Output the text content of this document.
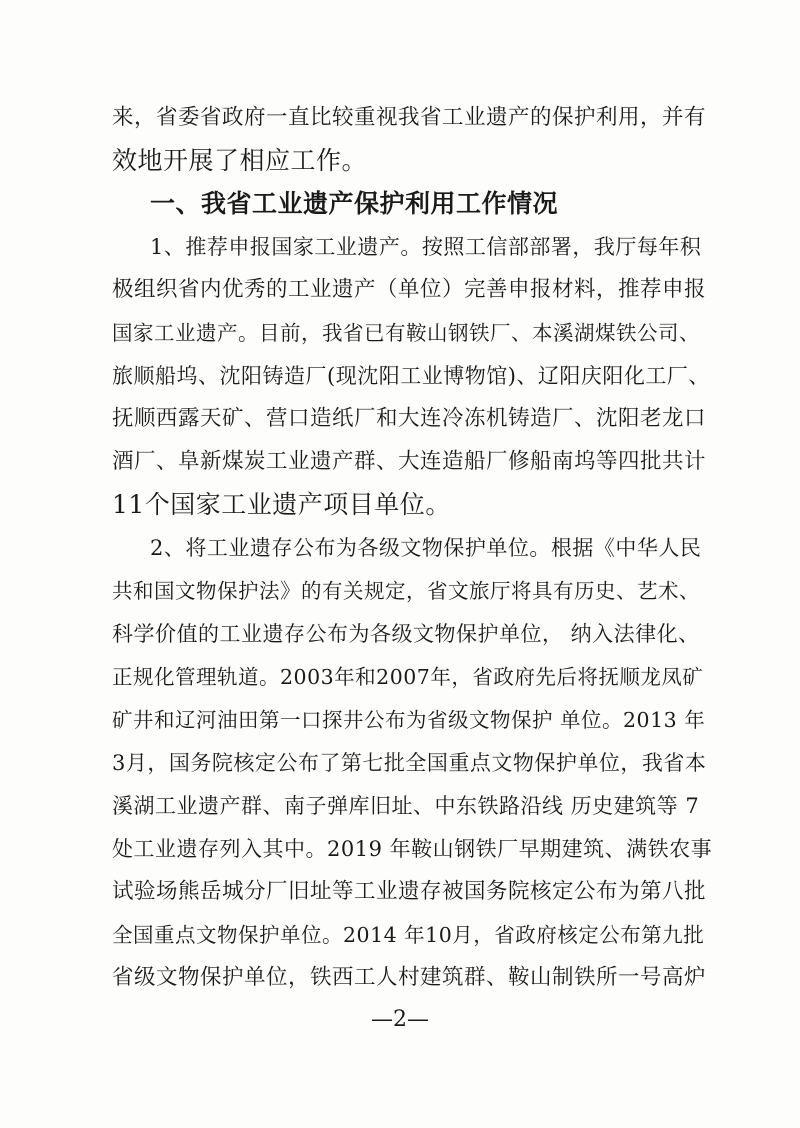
来，省委省政府一直比较重视我省工业遗产的保护利用，并有
效地开展了相应工作。
一、我省工业遗产保护利用工作情况
1、推荐申报国家工业遗产。按照工信部部署，我厅每年积
极组织省内优秀的工业遗产（单位）完善申报材料，推荐申报
国家工业遗产。目前，我省已有鞍山钢铁厂、本溪湖煤铁公司、
旅顺船坞、沈阳铸造厂(现沈阳工业博物馆)、辽阳庆阳化工厂、
抚顺西露天矿、营口造纸厂和大连冷冻机铸造厂、沈阳老龙口
酒厂、阜新煤炭工业遗产群、大连造船厂修船南坞等四批共计
11个国家工业遗产项目单位。
2、将工业遗存公布为各级文物保护单位。根据《中华人民
共和国文物保护法》的有关规定，省文旅厅将具有历史、艺术、
科学价值的工业遗存公布为各级文物保护单位， 纳入法律化、
正规化管理轨道。2003年和2007年，省政府先后将抚顺龙凤矿
矿井和辽河油田第一口探井公布为省级文物保护 单位。2013 年
3月，国务院核定公布了第七批全国重点文物保护单位，我省本
溪湖工业遗产群、南子弹库旧址、中东铁路沿线 历史建筑等 7
处工业遗存列入其中。2019 年鞍山钢铁厂早期建筑、满铁农事
试验场熊岳城分厂旧址等工业遗存被国务院核定公布为第八批
全国重点文物保护单位。2014 年10月，省政府核定公布第九批
省级文物保护单位，铁西工人村建筑群、鞍山制铁所一号高炉
—2—
